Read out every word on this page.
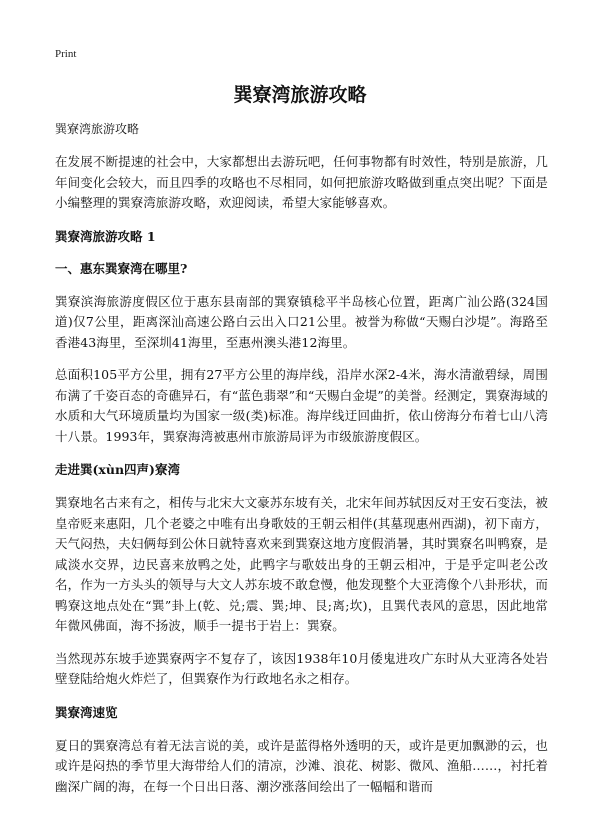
Print
巽寮湾旅游攻略
巽寮湾旅游攻略

在发展不断提速的社会中，大家都想出去游玩吧，任何事物都有时效性，特别是旅游，几年间变化会较大，而且四季的攻略也不尽相同，如何把旅游攻略做到重点突出呢？下面是小编整理的巽寮湾旅游攻略，欢迎阅读，希望大家能够喜欢。

巽寮湾旅游攻略 1
一、惠东巽寮湾在哪里?

巽寮滨海旅游度假区位于惠东县南部的巽寮镇稔平半岛核心位置，距离广汕公路(324国道)仅7公里，距离深汕高速公路白云出入口21公里。被誉为称做“天赐白沙堤”。海路至香港43海里，至深圳41海里，至惠州澳头港12海里。

总面积105平方公里，拥有27平方公里的海岸线，沿岸水深2-4米，海水清澈碧绿，周围布满了千姿百态的奇礁异石，有“蓝色翡翠”和“天赐白金堤”的美誉。经测定，巽寮海域的水质和大气环境质量均为国家一级(类)标准。海岸线迂回曲折，依山傍海分布着七山八湾十八景。1993年，巽寮海湾被惠州市旅游局评为市级旅游度假区。

走进巽(xùn四声)寮湾

巽寮地名古来有之，相传与北宋大文豪苏东坡有关，北宋年间苏轼因反对王安石变法，被皇帝贬来惠阳，几个老婆之中唯有出身歌妓的王朝云相伴(其墓现惠州西湖)，初下南方，天气闷热，夫妇俩每到公休日就特喜欢来到巽寮这地方度假消暑，其时巽寮名叫鸭寮，是咸淡水交界，边民喜来放鸭之处，此鸭字与歌妓出身的王朝云相冲，于是乎定叫老公改名，作为一方头头的领导与大文人苏东坡不敢怠慢，他发现整个大亚湾像个八卦形状，而鸭寮这地点处在“巽”卦上(乾、兑;震、巽;坤、艮;离;坎)，且巽代表风的意思，因此地常年微风佛面，海不扬波，顺手一提书于岩上：巽寮。

当然现苏东坡手迹巽寮两字不复存了，该因1938年10月倭鬼进攻广东时从大亚湾各处岩壁登陆给炮火炸烂了，但巽寮作为行政地名永之相存。

巽寮湾速览

夏日的巽寮湾总有着无法言说的美，或许是蓝得格外透明的天，或许是更加飘渺的云，也或许是闷热的季节里大海带给人们的清凉，沙滩、浪花、树影、微风、渔船……，衬托着幽深广阔的海，在每一个日出日落、潮汐涨落间绘出了一幅幅和谐而
